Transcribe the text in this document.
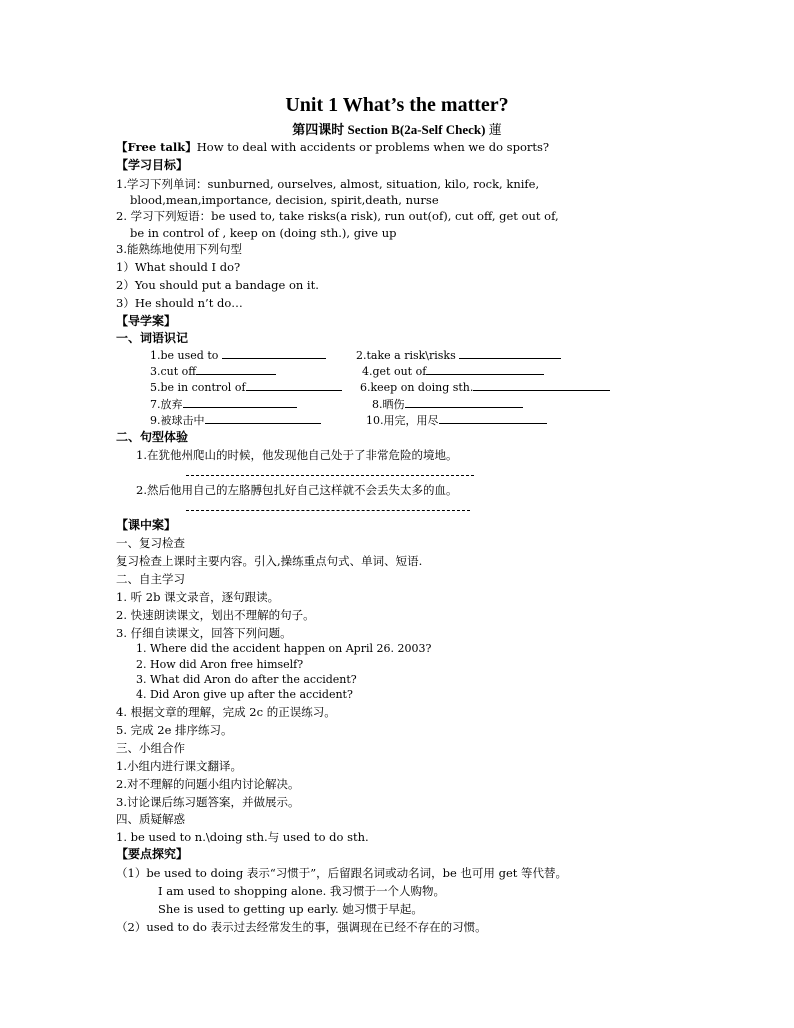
Unit 1 What’s the matter?
第四课时 Section B(2a-Self Check) 蓮
【Free talk】How to deal with accidents or problems when we do sports?
【学习目标】
1.学习下列单词：sunburned, ourselves, almost, situation, kilo, rock, knife,
blood,mean,importance, decision, spirit,death, nurse
2. 学习下列短语：be used to, take risks(a risk), run out(of), cut off, get out of,
be in control of , keep on (doing sth.), give up
3.能熟练地使用下列句型
1）What should I do?
2）You should put a bandage on it.
3）He should n’t do…
【导学案】
一、词语识记
1.be used to	2.take a risk\risks
3.cut off	4.get out of
5.be in control of	6.keep on doing sth.
7.放弃	8.晒伤
9.被球击中	10.用完，用尽
二、句型体验
1.在犹他州爬山的时候，他发现他自己处于了非常危险的境地。
2.然后他用自己的左胳膊包扎好自己这样就不会丢失太多的血。
【课中案】
一、复习检查
复习检查上课时主要内容。引入,操练重点句式、单词、短语.
二、自主学习
1. 听 2b 课文录音，逐句跟读。
2. 快速朗读课文，划出不理解的句子。
3. 仔细自读课文，回答下列问题。
1. Where did the accident happen on April 26. 2003?
2. How did Aron free himself?
3. What did Aron do after the accident?
4. Did Aron give up after the accident?
4. 根据文章的理解，完成 2c 的正误练习。
5. 完成 2e 排序练习。
三、小组合作
1.小组内进行课文翻译。
2.对不理解的问题小组内讨论解决。
3.讨论课后练习题答案，并做展示。
四、质疑解惑
1. be used to n.\doing sth.与 used to do sth.
【要点探究】
（1）be used to doing 表示“习惯于”，后留跟名词或动名词，be 也可用 get 等代替。
I am used to shopping alone. 我习惯于一个人购物。
She is used to getting up early. 她习惯于早起。
（2）used to do 表示过去经常发生的事，强调现在已经不存在的习惯。
